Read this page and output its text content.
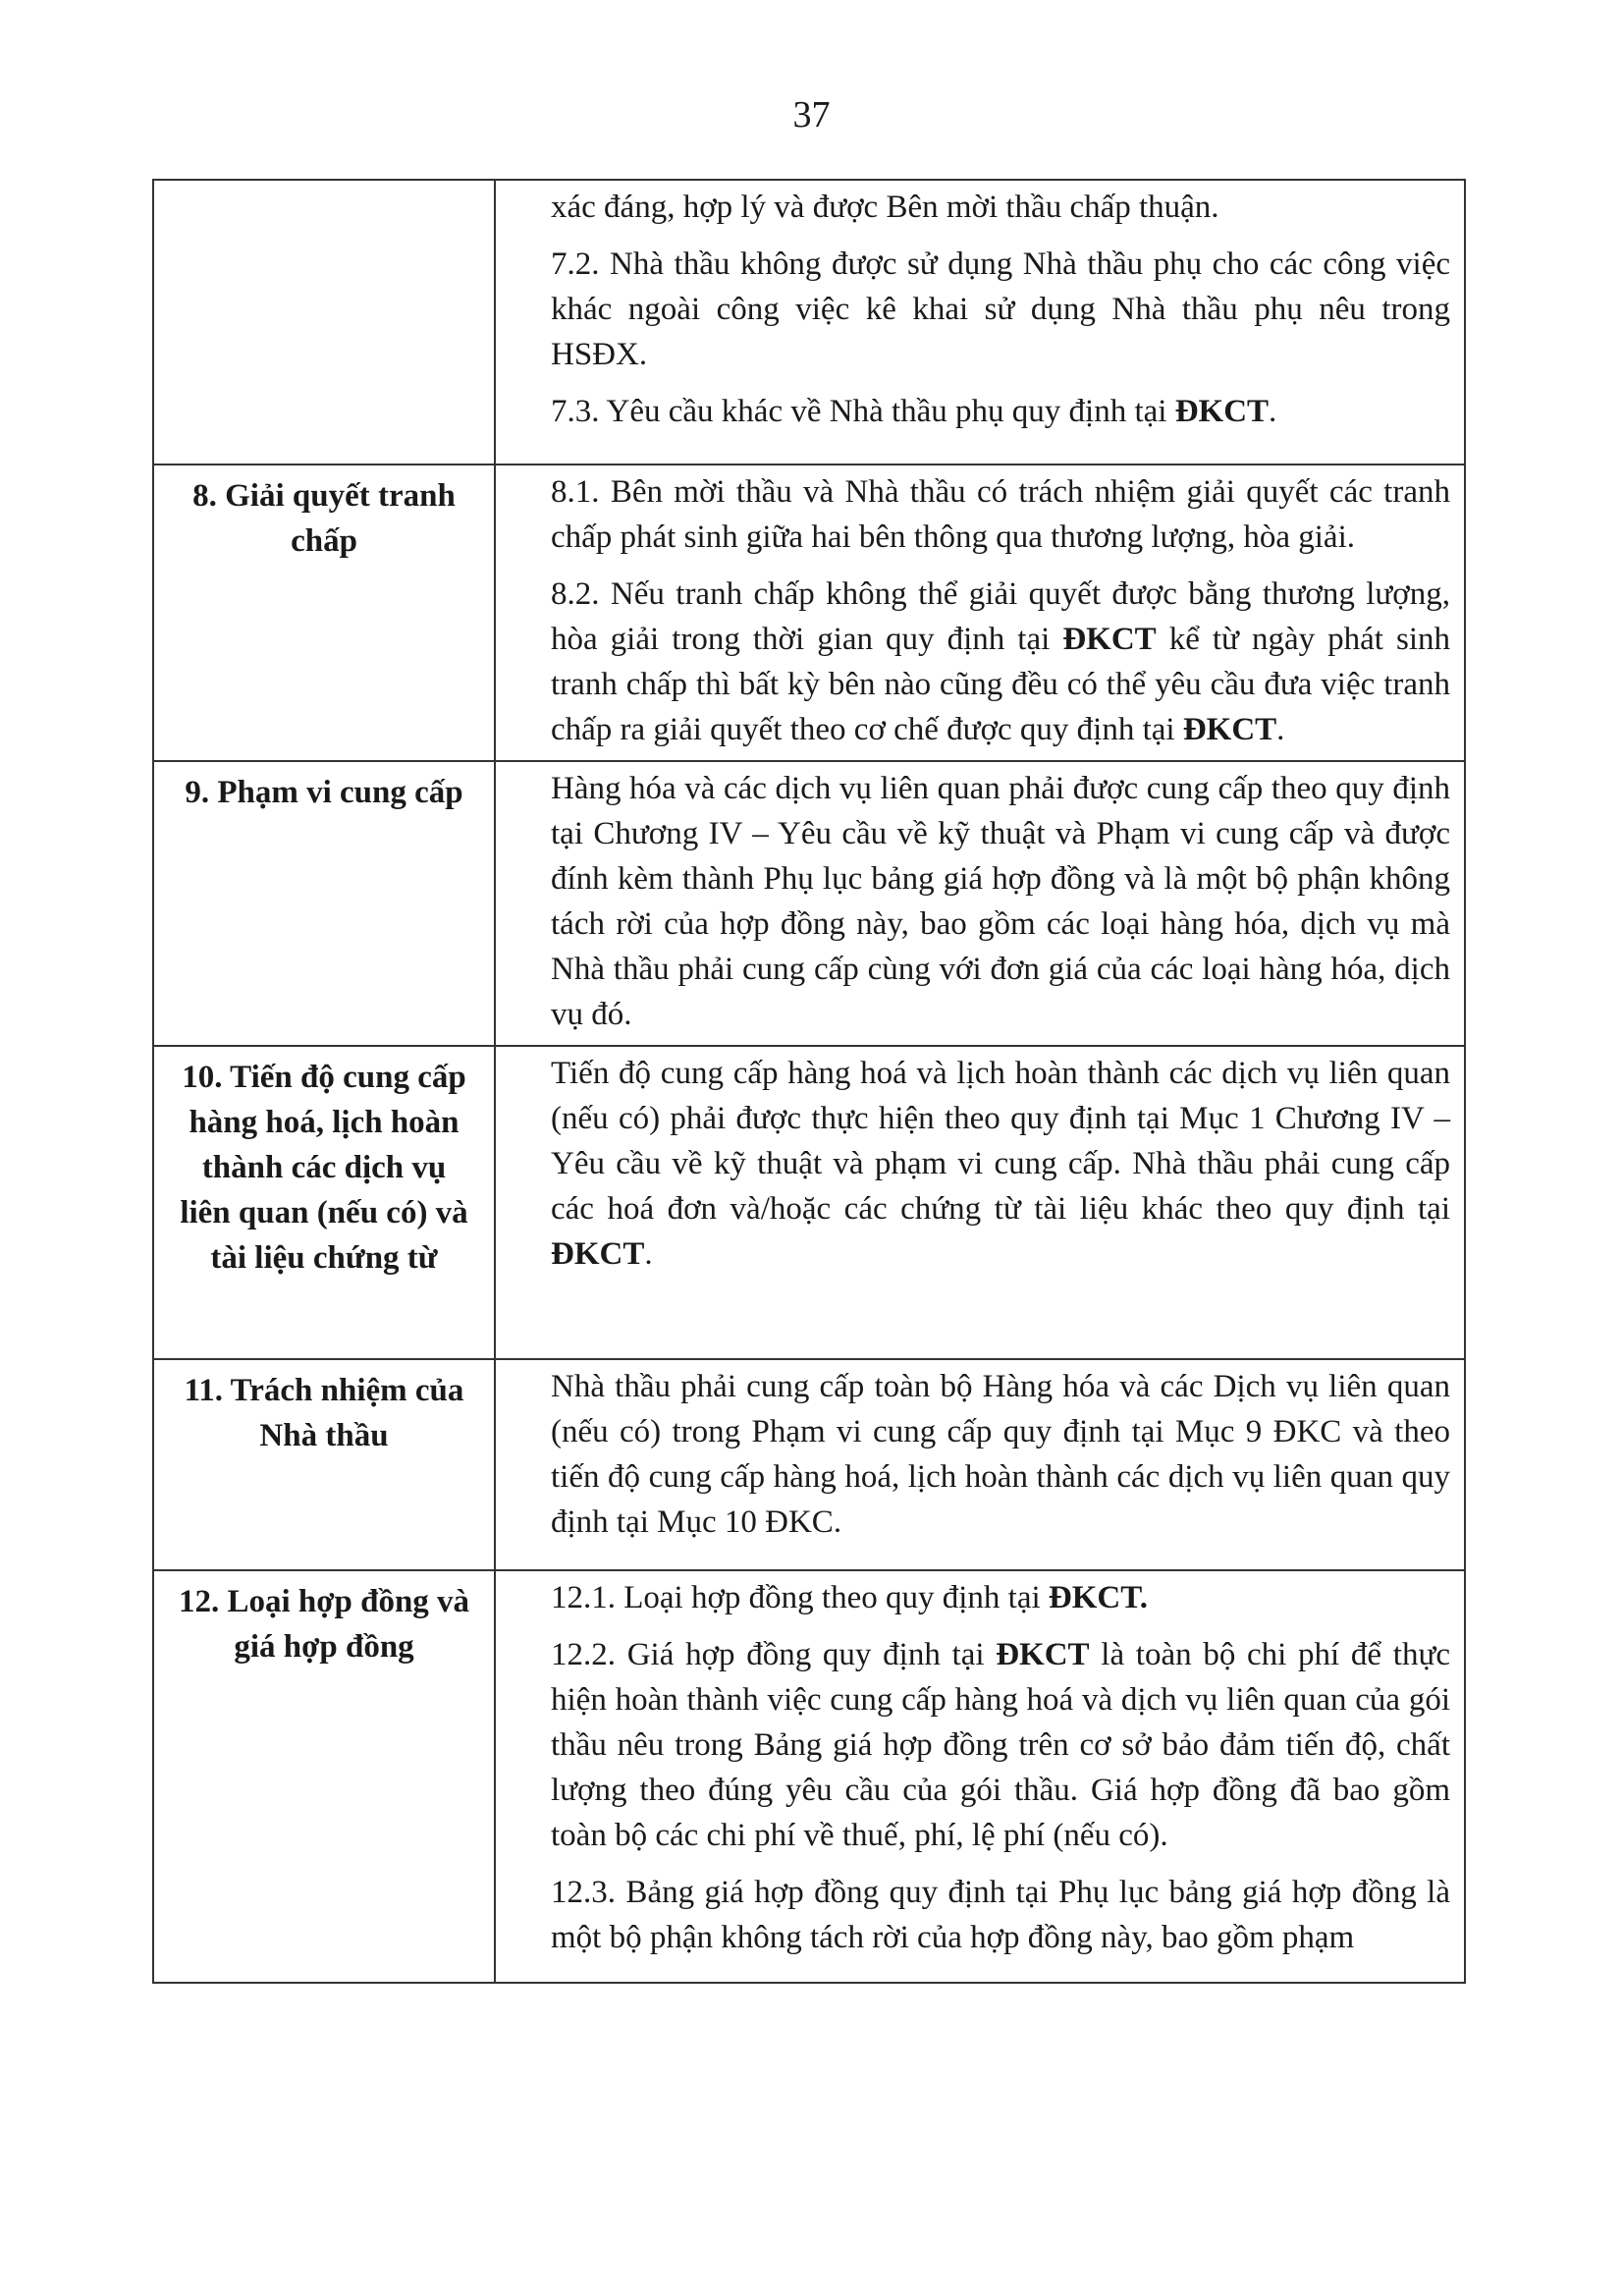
37

	xác đáng, hợp lý và được Bên mời thầu chấp thuận.

7.2. Nhà thầu không được sử dụng Nhà thầu phụ cho các công việc khác ngoài công việc kê khai sử dụng Nhà thầu phụ nêu trong HSĐX.

7.3. Yêu cầu khác về Nhà thầu phụ quy định tại ĐKCT.

8. Giải quyết tranh chấp	8.1. Bên mời thầu và Nhà thầu có trách nhiệm giải quyết các tranh chấp phát sinh giữa hai bên thông qua thương lượng, hòa giải.

8.2. Nếu tranh chấp không thể giải quyết được bằng thương lượng, hòa giải trong thời gian quy định tại ĐKCT kể từ ngày phát sinh tranh chấp thì bất kỳ bên nào cũng đều có thể yêu cầu đưa việc tranh chấp ra giải quyết theo cơ chế được quy định tại ĐKCT.

9. Phạm vi cung cấp	Hàng hóa và các dịch vụ liên quan phải được cung cấp theo quy định tại Chương IV – Yêu cầu về kỹ thuật và Phạm vi cung cấp và được đính kèm thành Phụ lục bảng giá hợp đồng và là một bộ phận không tách rời của hợp đồng này, bao gồm các loại hàng hóa, dịch vụ mà Nhà thầu phải cung cấp cùng với đơn giá của các loại hàng hóa, dịch vụ đó.

10. Tiến độ cung cấp hàng hoá, lịch hoàn thành các dịch vụ liên quan (nếu có) và tài liệu chứng từ	Tiến độ cung cấp hàng hoá và lịch hoàn thành các dịch vụ liên quan (nếu có) phải được thực hiện theo quy định tại Mục 1 Chương IV – Yêu cầu về kỹ thuật và phạm vi cung cấp. Nhà thầu phải cung cấp các hoá đơn và/hoặc các chứng từ tài liệu khác theo quy định tại ĐKCT.

11. Trách nhiệm của Nhà thầu	Nhà thầu phải cung cấp toàn bộ Hàng hóa và các Dịch vụ liên quan (nếu có) trong Phạm vi cung cấp quy định tại Mục 9 ĐKC và theo tiến độ cung cấp hàng hoá, lịch hoàn thành các dịch vụ liên quan quy định tại Mục 10 ĐKC.

12. Loại hợp đồng và giá hợp đồng	12.1. Loại hợp đồng theo quy định tại ĐKCT.

12.2. Giá hợp đồng quy định tại ĐKCT là toàn bộ chi phí để thực hiện hoàn thành việc cung cấp hàng hoá và dịch vụ liên quan của gói thầu nêu trong Bảng giá hợp đồng trên cơ sở bảo đảm tiến độ, chất lượng theo đúng yêu cầu của gói thầu. Giá hợp đồng đã bao gồm toàn bộ các chi phí về thuế, phí, lệ phí (nếu có).

12.3. Bảng giá hợp đồng quy định tại Phụ lục bảng giá hợp đồng là một bộ phận không tách rời của hợp đồng này, bao gồm phạm
